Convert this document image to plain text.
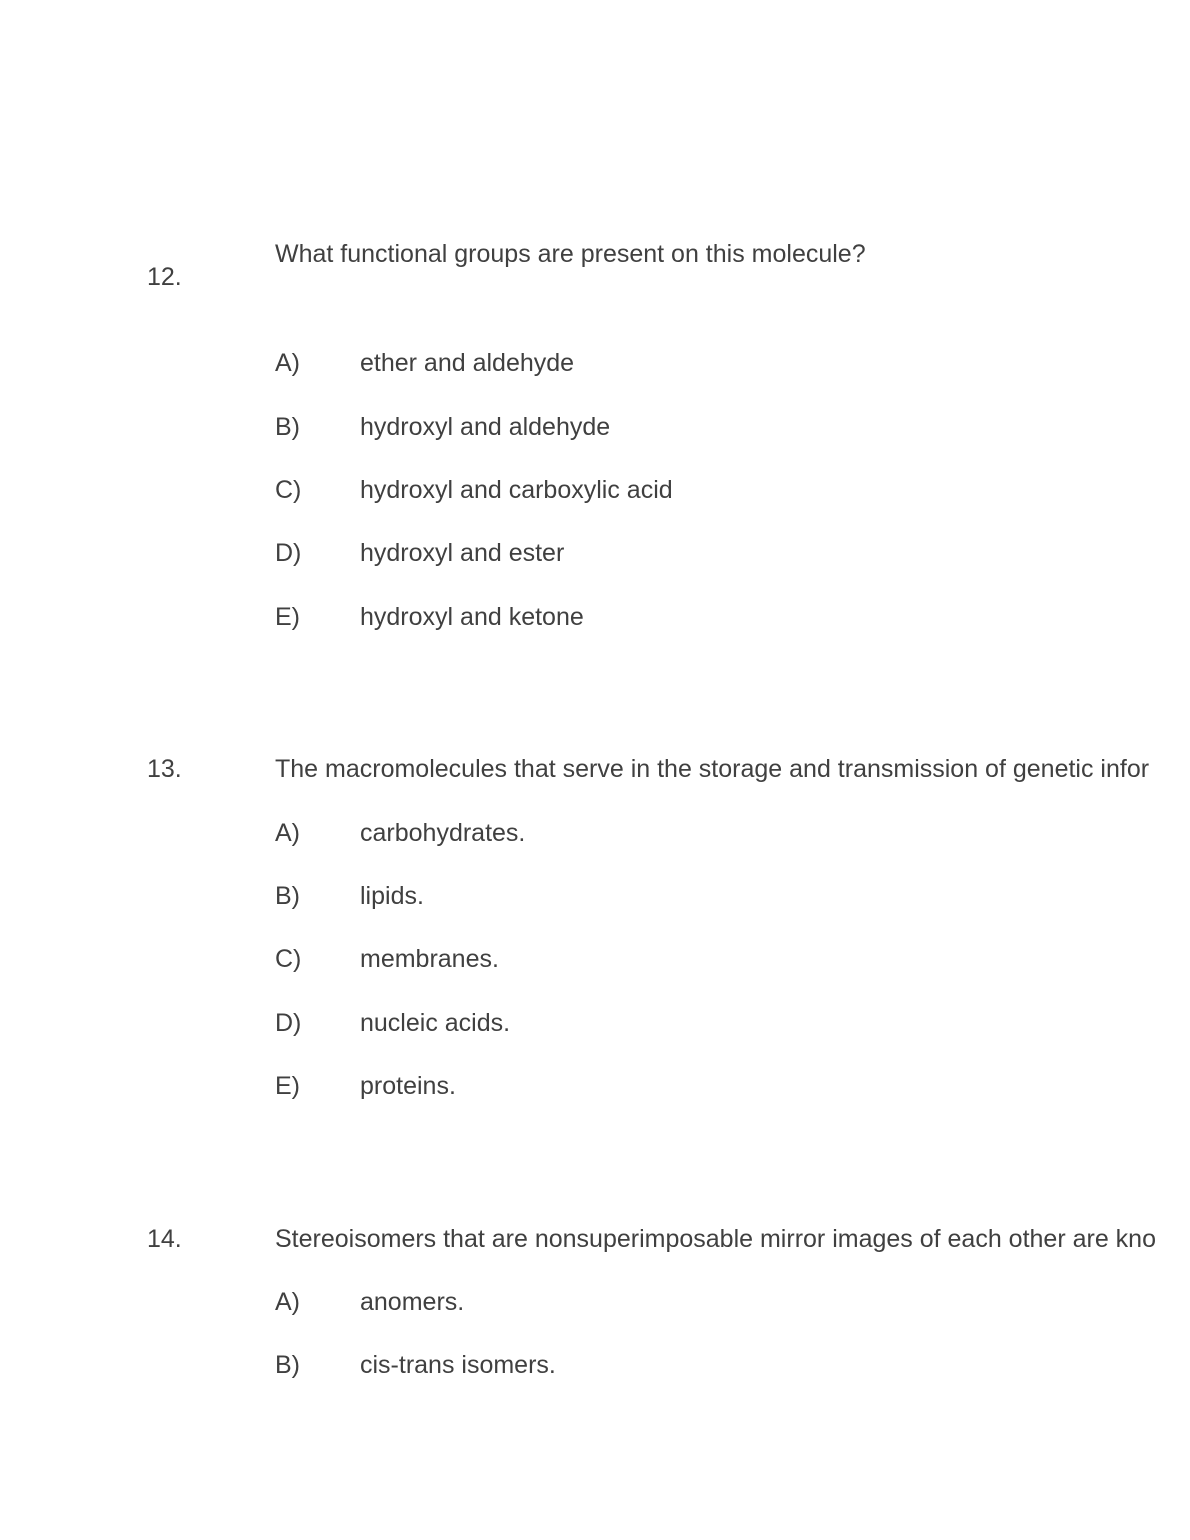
12.
What functional groups are present on this molecule?
A) ether and aldehyde
B) hydroxyl and aldehyde
C) hydroxyl and carboxylic acid
D) hydroxyl and ester
E) hydroxyl and ketone
13.	The macromolecules that serve in the storage and transmission of genetic infor
A) carbohydrates.
B) lipids.
C) membranes.
D) nucleic acids.
E) proteins.
14.	Stereoisomers that are nonsuperimposable mirror images of each other are kno
A) anomers.
B) cis-trans isomers.
